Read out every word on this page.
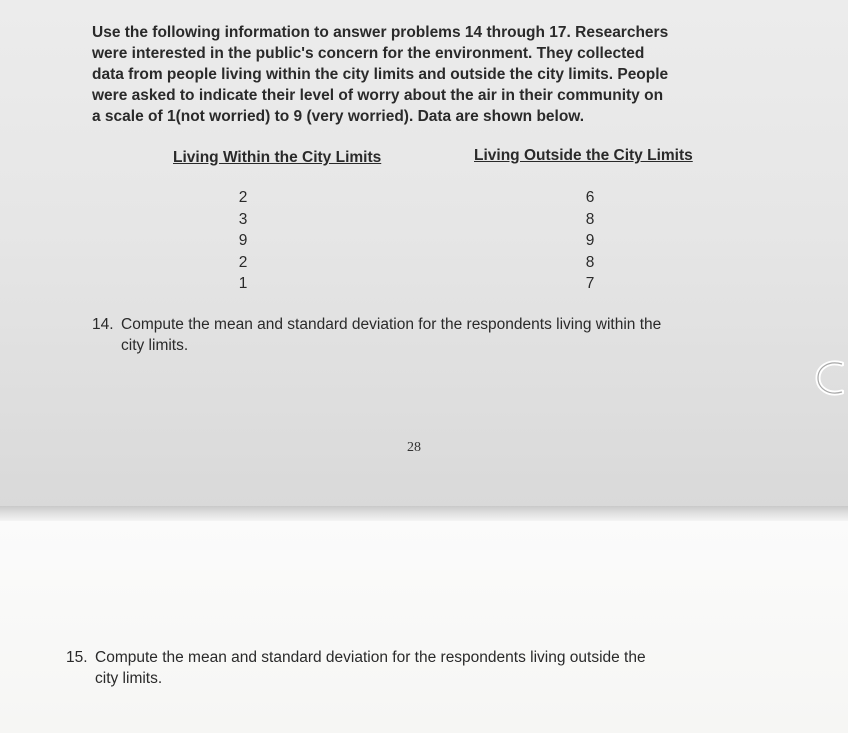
Use the following information to answer problems 14 through 17. Researchers
were interested in the public's concern for the environment. They collected
data from people living within the city limits and outside the city limits. People
were asked to indicate their level of worry about the air in their community on
a scale of 1(not worried) to 9 (very worried). Data are shown below.

Living Within the City Limits	Living Outside the City Limits
2
3
9
2
1
6
8
9
8
7

14. Compute the mean and standard deviation for the respondents living within the
city limits.

28

15. Compute the mean and standard deviation for the respondents living outside the
city limits.
